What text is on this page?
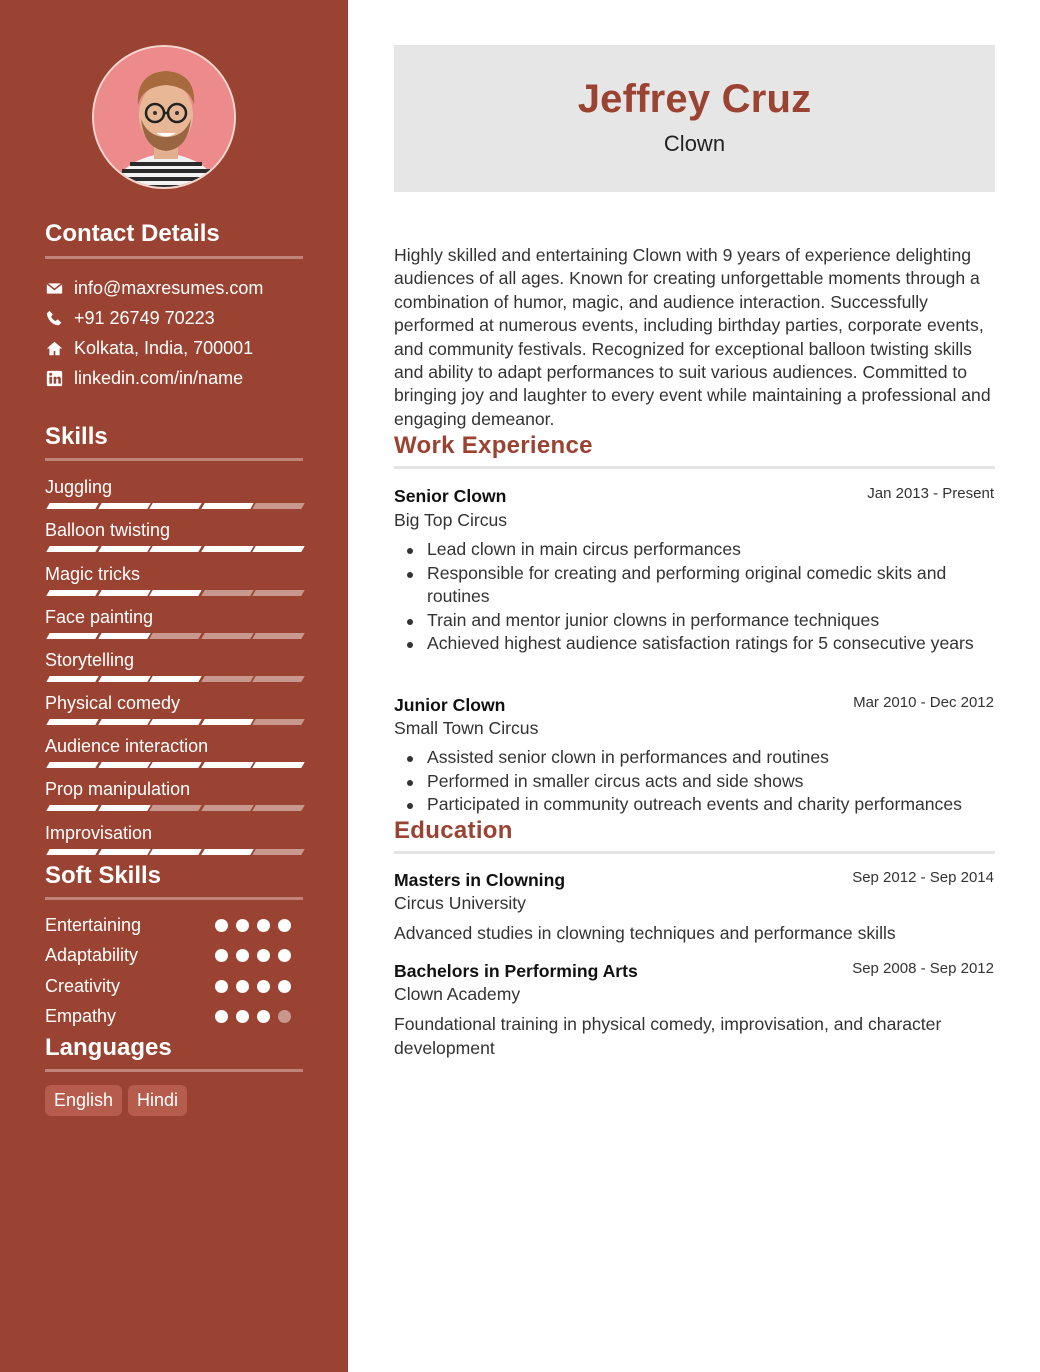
Contact Details
info@maxresumes.com
+91 26749 70223
Kolkata, India, 700001
linkedin.com/in/name
Skills
Juggling
Balloon twisting
Magic tricks
Face painting
Storytelling
Physical comedy
Audience interaction
Prop manipulation
Improvisation
Soft Skills
Entertaining
Adaptability
Creativity
Empathy
Languages
English	Hindi
Jeffrey Cruz
Clown

Highly skilled and entertaining Clown with 9 years of experience delighting audiences of all ages. Known for creating unforgettable moments through a combination of humor, magic, and audience interaction. Successfully performed at numerous events, including birthday parties, corporate events, and community festivals. Recognized for exceptional balloon twisting skills and ability to adapt performances to suit various audiences. Committed to bringing joy and laughter to every event while maintaining a professional and engaging demeanor.

Work Experience
Senior Clown	Jan 2013 - Present
Big Top Circus
Lead clown in main circus performances
Responsible for creating and performing original comedic skits and routines
Train and mentor junior clowns in performance techniques
Achieved highest audience satisfaction ratings for 5 consecutive years
Junior Clown	Mar 2010 - Dec 2012
Small Town Circus
Assisted senior clown in performances and routines
Performed in smaller circus acts and side shows
Participated in community outreach events and charity performances
Education
Masters in Clowning	Sep 2012 - Sep 2014
Circus University
Advanced studies in clowning techniques and performance skills
Bachelors in Performing Arts	Sep 2008 - Sep 2012
Clown Academy
Foundational training in physical comedy, improvisation, and character development
